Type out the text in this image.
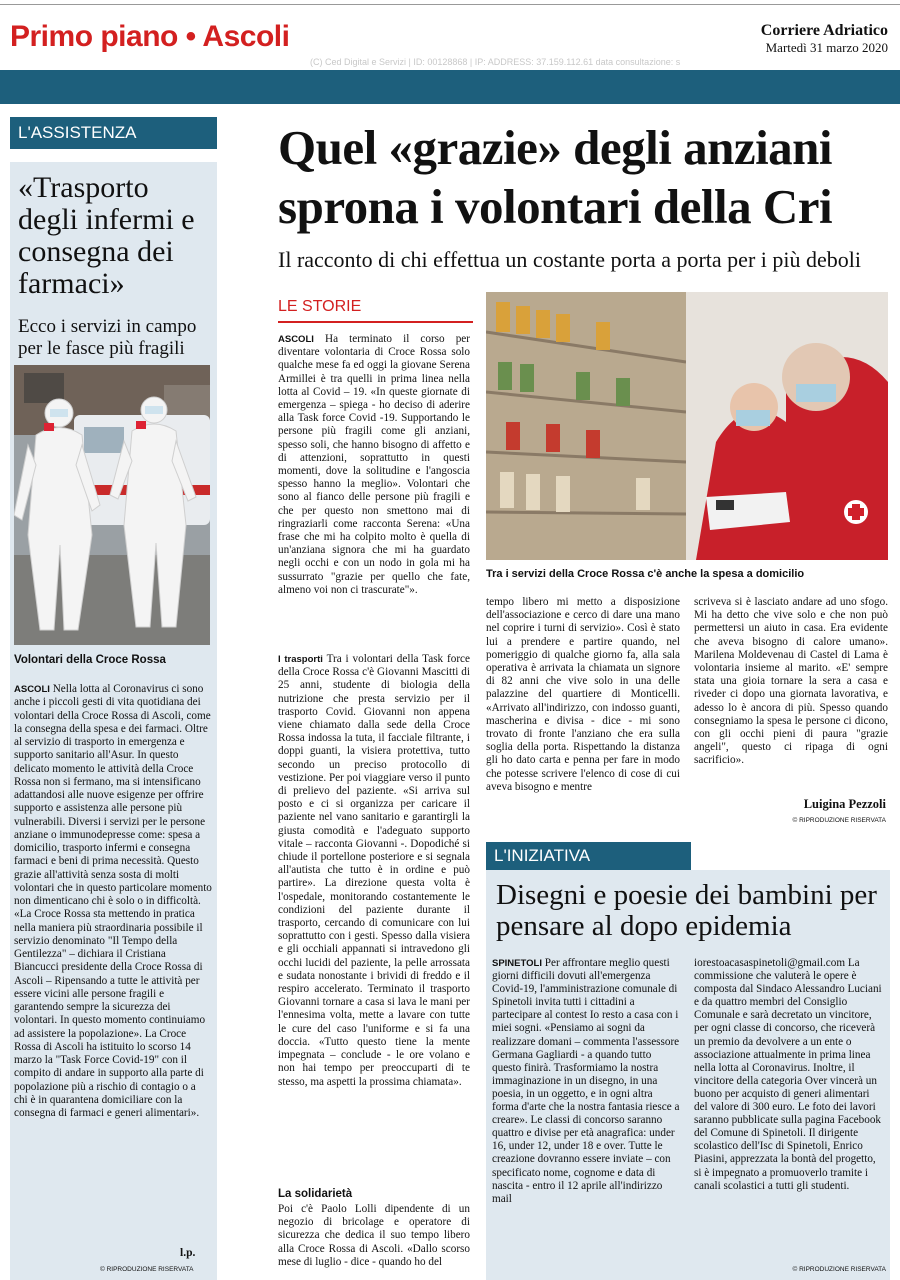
Primo piano • Ascoli	Corriere Adriatico
Martedì 31 marzo 2020
(C) Ced Digital e Servizi | ID: 00128868 | IP: ADDRESS: 37.159.112.61 data consultazione: s
L'ASSISTENZA
«Trasporto degli infermi e consegna dei farmaci»
Ecco i servizi in campo per le fasce più fragili
Volontari della Croce Rossa
ASCOLI Nella lotta al Coronavirus ci sono anche i piccoli gesti di vita quotidiana dei volontari della Croce Rossa di Ascoli, come la consegna della spesa e dei farmaci. Oltre al servizio di trasporto in emergenza e supporto sanitario all'Asur. In questo delicato momento le attività della Croce Rossa non si fermano, ma si intensificano adattandosi alle nuove esigenze per offrire supporto e assistenza alle persone più vulnerabili. Diversi i servizi per le persone anziane o immunodepresse come: spesa a domicilio, trasporto infermi e consegna farmaci e beni di prima necessità. Questo grazie all'attività senza sosta di molti volontari che in questo particolare momento non dimenticano chi è solo o in difficoltà. «La Croce Rossa sta mettendo in pratica nella maniera più straordinaria possibile il servizio denominato "Il Tempo della Gentilezza" – dichiara il Cristiana Biancucci presidente della Croce Rossa di Ascoli – Ripensando a tutte le attività per essere vicini alle persone fragili e garantendo sempre la sicurezza dei volontari. In questo momento continuiamo ad assistere la popolazione». La Croce Rossa di Ascoli ha istituito lo scorso 14 marzo la "Task Force Covid-19" con il compito di andare in supporto alla parte di popolazione più a rischio di contagio o a chi è in quarantena domiciliare con la consegna di farmaci e generi alimentari».
l.p.
© RIPRODUZIONE RISERVATA
Quel «grazie» degli anziani sprona i volontari della Cri
Il racconto di chi effettua un costante porta a porta per i più deboli
LE STORIE
ASCOLI Ha terminato il corso per diventare volontaria di Croce Rossa solo qualche mese fa ed oggi la giovane Serena Armillei è tra quelli in prima linea nella lotta al Covid – 19. «In queste giornate di emergenza – spiega - ho deciso di aderire alla Task force Covid -19. Supportando le persone più fragili come gli anziani, spesso soli, che hanno bisogno di affetto e di attenzioni, soprattutto in questi momenti, dove la solitudine e l'angoscia spesso hanno la meglio». Volontari che sono al fianco delle persone più fragili e che per questo non smettono mai di ringraziarli come racconta Serena: «Una frase che mi ha colpito molto è quella di un'anziana signora che mi ha guardato negli occhi e con un nodo in gola mi ha sussurrato "grazie per quello che fate, almeno voi non ci trascurate"».
I trasporti Tra i volontari della Task force della Croce Rossa c'è Giovanni Mascitti di 25 anni, studente di biologia della nutrizione che presta servizio per il trasporto Covid. Giovanni non appena viene chiamato dalla sede della Croce Rossa indossa la tuta, il facciale filtrante, i doppi guanti, la visiera protettiva, tutto secondo un preciso protocollo di vestizione. Per poi viaggiare verso il punto di prelievo del paziente. «Si arriva sul posto e ci si organizza per caricare il paziente nel vano sanitario e garantirgli la giusta comodità e l'adeguato supporto vitale – racconta Giovanni -. Dopodiché si chiude il portellone posteriore e si segnala all'autista che tutto è in ordine e può partire». La direzione questa volta è l'ospedale, monitorando costantemente le condizioni del paziente durante il trasporto, cercando di comunicare con lui soprattutto con i gesti. Spesso dalla visiera e gli occhiali appannati si intravedono gli occhi lucidi del paziente, la pelle arrossata e sudata nonostante i brividi di freddo e il respiro accelerato. Terminato il trasporto Giovanni tornare a casa si lava le mani per l'ennesima volta, mette a lavare con tutte le cure del caso l'uniforme e si fa una doccia. «Tutto questo tiene la mente impegnata – conclude - le ore volano e non hai tempo per preoccuparti di te stesso, ma aspetti la prossima chiamata».
La solidarietà
Poi c'è Paolo Lolli dipendente di un negozio di bricolage e operatore di sicurezza che dedica il suo tempo libero alla Croce Rossa di Ascoli. «Dallo scorso mese di luglio - dice - quando ho del
Tra i servizi della Croce Rossa c'è anche la spesa a domicilio
tempo libero mi metto a disposizione dell'associazione e cerco di dare una mano nel coprire i turni di servizio». Così è stato lui a prendere e partire quando, nel pomeriggio di qualche giorno fa, alla sala operativa è arrivata la chiamata un signore di 82 anni che vive solo in una delle palazzine del quartiere di Monticelli. «Arrivato all'indirizzo, con indosso guanti, mascherina e divisa - dice - mi sono trovato di fronte l'anziano che era sulla soglia della porta. Rispettando la distanza gli ho dato carta e penna per fare in modo che potesse scrivere l'elenco di cose di cui aveva bisogno e mentre
scriveva si è lasciato andare ad uno sfogo. Mi ha detto che vive solo e che non può permettersi un aiuto in casa. Era evidente che aveva bisogno di calore umano». Marilena Moldevenau di Castel di Lama è volontaria insieme al marito. «E' sempre stata una gioia tornare la sera a casa e riveder ci dopo una giornata lavorativa, e adesso lo è ancora di più. Spesso quando consegniamo la spesa le persone ci dicono, con gli occhi pieni di paura "grazie angeli", questo ci ripaga di ogni sacrificio».
Luigina Pezzoli
© RIPRODUZIONE RISERVATA
L'INIZIATIVA
Disegni e poesie dei bambini per pensare al dopo epidemia
SPINETOLI Per affrontare meglio questi giorni difficili dovuti all'emergenza Covid-19, l'amministrazione comunale di Spinetoli invita tutti i cittadini a partecipare al contest Io resto a casa con i miei sogni. «Pensiamo ai sogni da realizzare domani – commenta l'assessore Germana Gagliardi - a quando tutto questo finirà. Trasformiamo la nostra immaginazione in un disegno, in una poesia, in un oggetto, e in ogni altra forma d'arte che la nostra fantasia riesce a creare». Le classi di concorso saranno quattro e divise per età anagrafica: under 16, under 12, under 18 e over. Tutte le creazione dovranno essere inviate – con specificato nome, cognome e data di nascita - entro il 12 aprile all'indirizzo mail
iorestoacasaspinetoli@gmail.com La commissione che valuterà le opere è composta dal Sindaco Alessandro Luciani e da quattro membri del Consiglio Comunale e sarà decretato un vincitore, per ogni classe di concorso, che riceverà un premio da devolvere a un ente o associazione attualmente in prima linea nella lotta al Coronavirus. Inoltre, il vincitore della categoria Over vincerà un buono per acquisto di generi alimentari del valore di 300 euro. Le foto dei lavori saranno pubblicate sulla pagina Facebook del Comune di Spinetoli. Il dirigente scolastico dell'Isc di Spinetoli, Enrico Piasini, apprezzata la bontà del progetto, si è impegnato a promuoverlo tramite i canali scolastici a tutti gli studenti.
© RIPRODUZIONE RISERVATA
